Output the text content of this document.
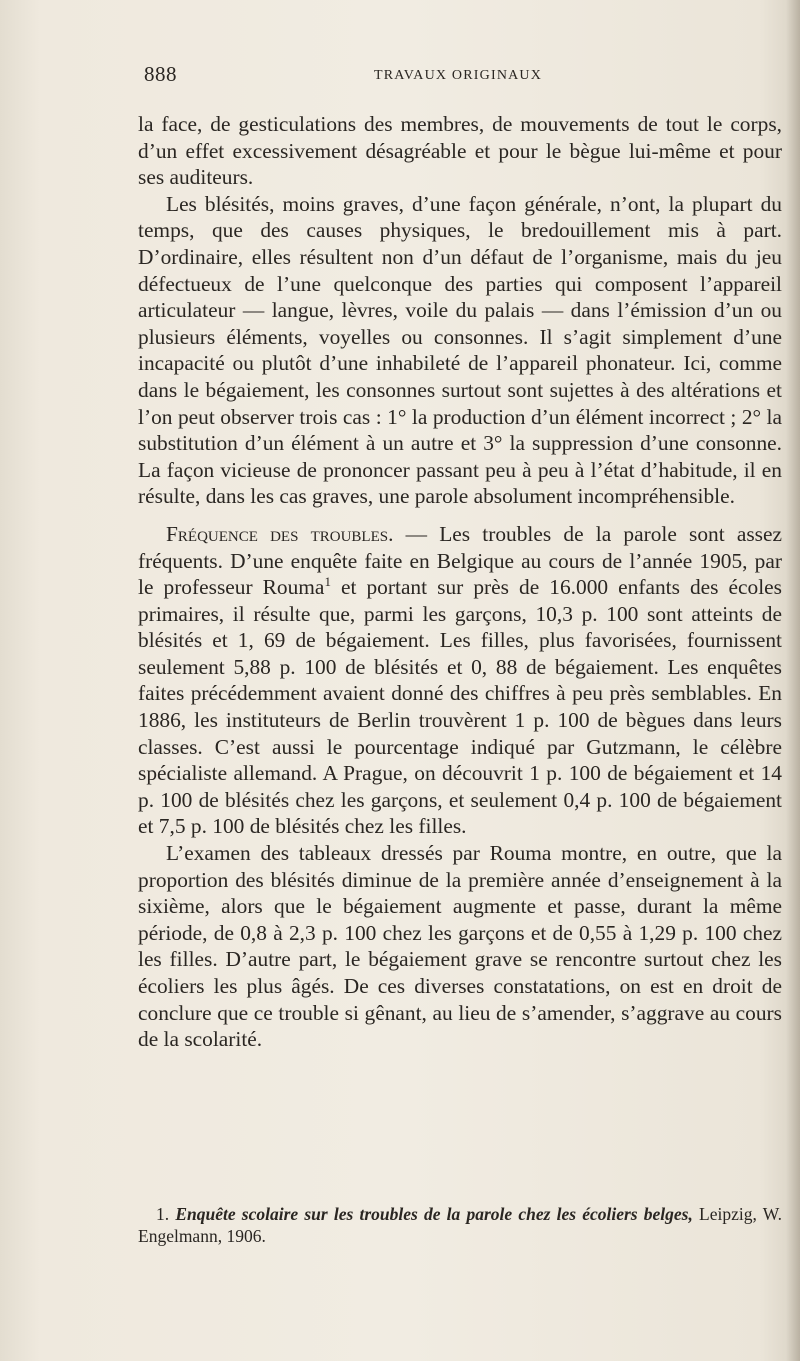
888	TRAVAUX ORIGINAUX

la face, de gesticulations des membres, de mouvements de tout le corps, d’un effet excessivement désagréable et pour le bègue lui-même et pour ses auditeurs.

Les blésités, moins graves, d’une façon générale, n’ont, la plupart du temps, que des causes physiques, le bredouillement mis à part. D’ordinaire, elles résultent non d’un défaut de l’organisme, mais du jeu défectueux de l’une quelconque des parties qui composent l’appareil articulateur — langue, lèvres, voile du palais — dans l’émission d’un ou plusieurs éléments, voyelles ou consonnes. Il s’agit simplement d’une incapacité ou plutôt d’une inhabileté de l’appareil phonateur. Ici, comme dans le bégaiement, les consonnes surtout sont sujettes à des altérations et l’on peut observer trois cas : 1° la production d’un élément incorrect ; 2° la substitution d’un élément à un autre et 3° la suppression d’une consonne. La façon vicieuse de prononcer passant peu à peu à l’état d’habitude, il en résulte, dans les cas graves, une parole absolument incompréhensible.

Fréquence des troubles. — Les troubles de la parole sont assez fréquents. D’une enquête faite en Belgique au cours de l’année 1905, par le professeur Rouma$^1$ et portant sur près de 16.000 enfants des écoles primaires, il résulte que, parmi les garçons, 10,3 p. 100 sont atteints de blésités et 1, 69 de bégaiement. Les filles, plus favorisées, fournissent seulement 5,88 p. 100 de blésités et 0, 88 de bégaiement. Les enquêtes faites précédemment avaient donné des chiffres à peu près semblables. En 1886, les instituteurs de Berlin trouvèrent 1 p. 100 de bègues dans leurs classes. C’est aussi le pourcentage indiqué par Gutzmann, le célèbre spécialiste allemand. A Prague, on découvrit 1 p. 100 de bégaiement et 14 p. 100 de blésités chez les garçons, et seulement 0,4 p. 100 de bégaiement et 7,5 p. 100 de blésités chez les filles.

L’examen des tableaux dressés par Rouma montre, en outre, que la proportion des blésités diminue de la première année d’enseignement à la sixième, alors que le bégaiement augmente et passe, durant la même période, de 0,8 à 2,3 p. 100 chez les garçons et de 0,55 à 1,29 p. 100 chez les filles. D’autre part, le bégaiement grave se rencontre surtout chez les écoliers les plus âgés. De ces diverses constatations, on est en droit de conclure que ce trouble si gênant, au lieu de s’amender, s’aggrave au cours de la scolarité.

1. Enquête scolaire sur les troubles de la parole chez les écoliers belges, Leipzig, W. Engelmann, 1906.
